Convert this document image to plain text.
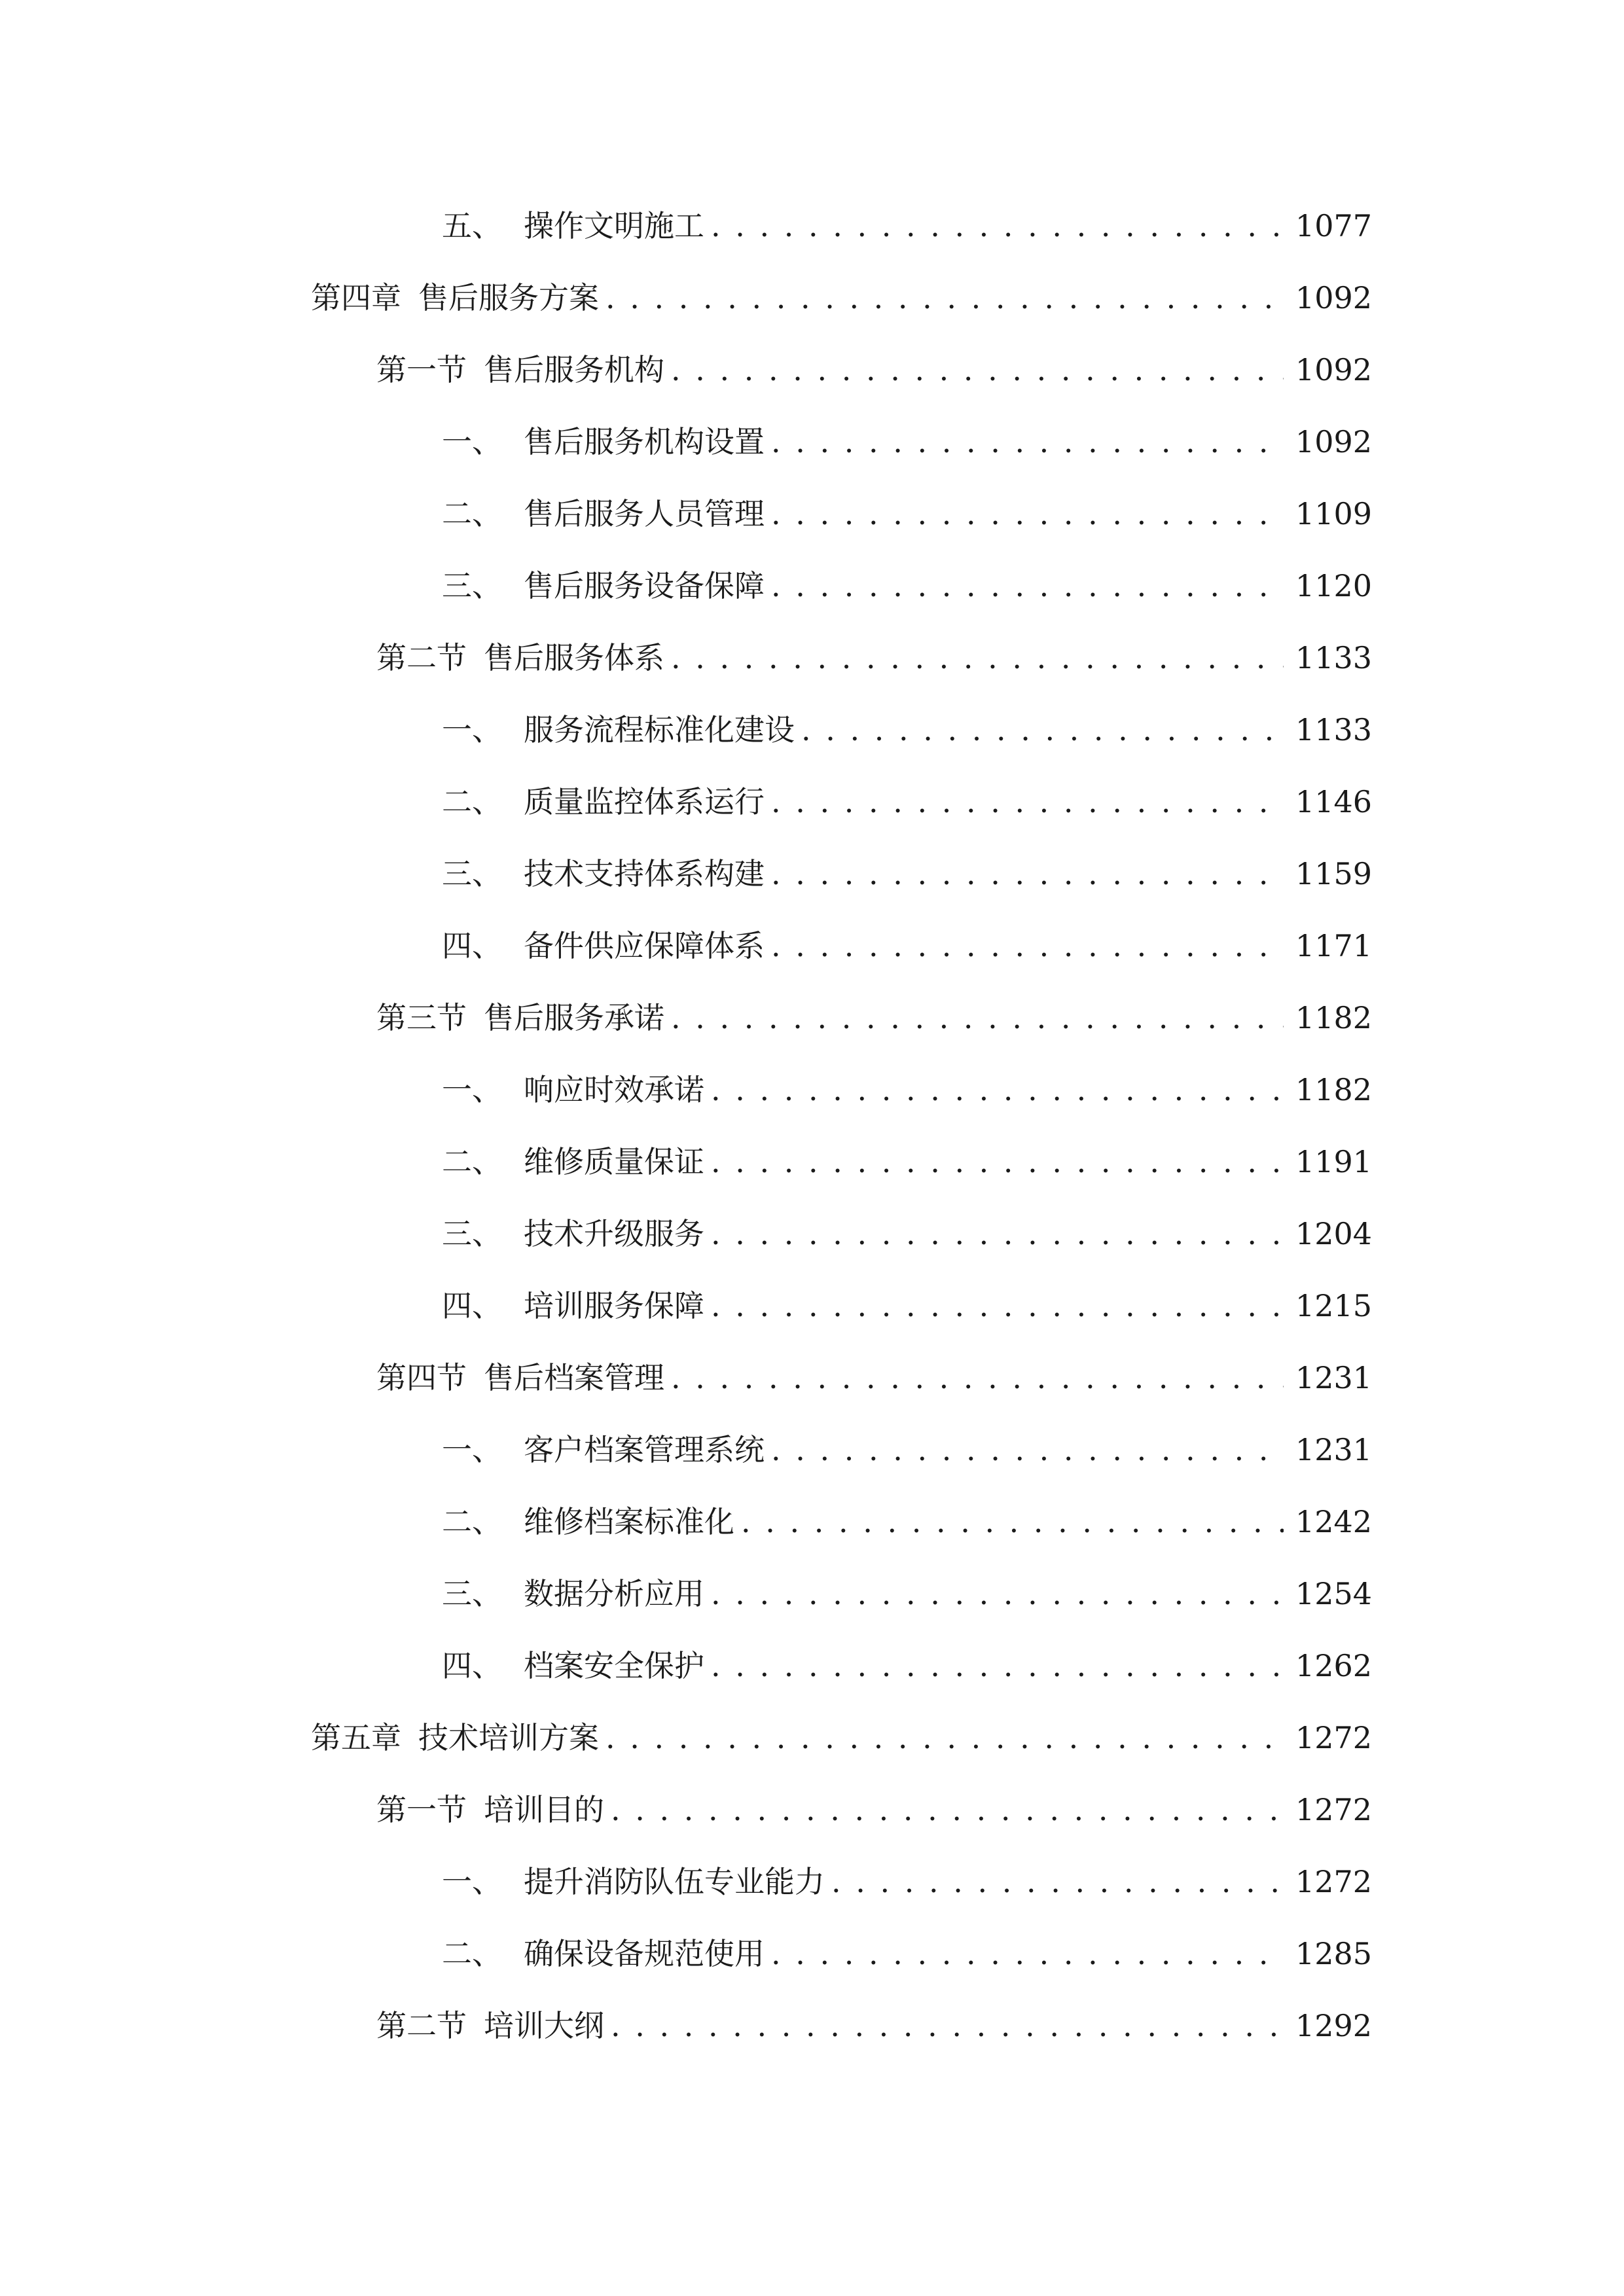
五、 操作文明施工 . . .	1077
第四章 售后服务方案 . . .	1092
第一节 售后服务机构 . . .	1092
一、 售后服务机构设置 . . .	1092
二、 售后服务人员管理 . . .	1109
三、 售后服务设备保障 . . .	1120
第二节 售后服务体系 . . .	1133
一、 服务流程标准化建设 . . .	1133
二、 质量监控体系运行 . . .	1146
三、 技术支持体系构建 . . .	1159
四、 备件供应保障体系 . . .	1171
第三节 售后服务承诺 . . .	1182
一、 响应时效承诺 . . .	1182
二、 维修质量保证 . . .	1191
三、 技术升级服务 . . .	1204
四、 培训服务保障 . . .	1215
第四节 售后档案管理 . . .	1231
一、 客户档案管理系统 . . .	1231
二、 维修档案标准化 . . .	1242
三、 数据分析应用 . . .	1254
四、 档案安全保护 . . .	1262
第五章 技术培训方案 . . .	1272
第一节 培训目的 . . .	1272
一、 提升消防队伍专业能力 . . .	1272
二、 确保设备规范使用 . . .	1285
第二节 培训大纲 . . .	1292
